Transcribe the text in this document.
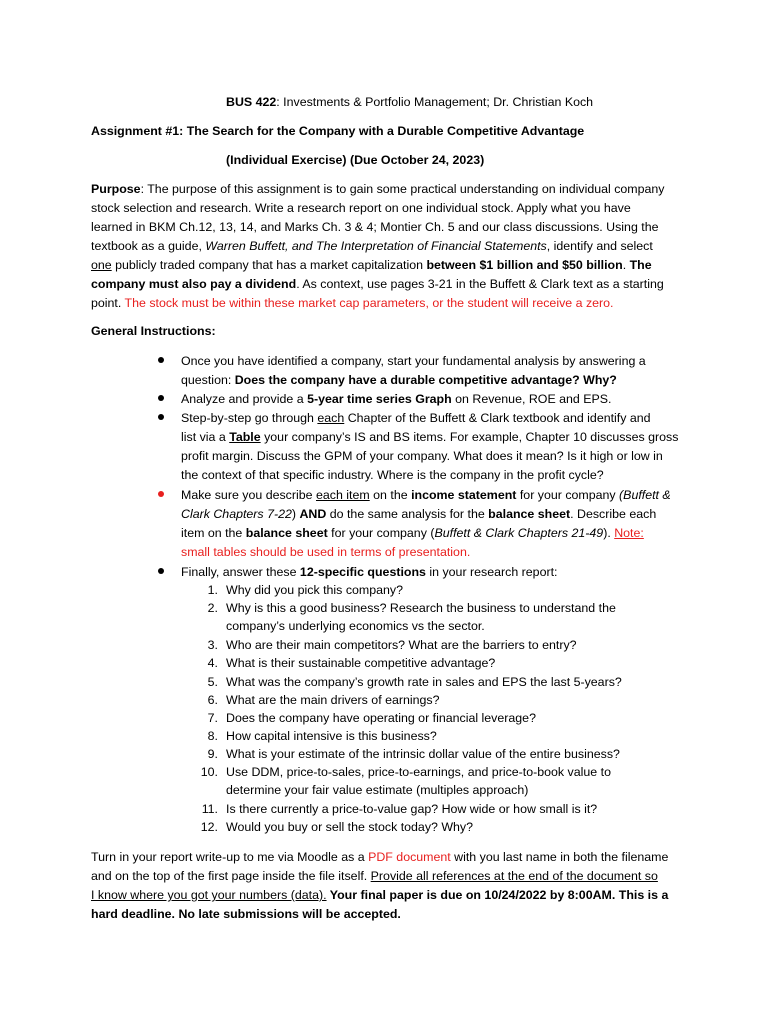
BUS 422: Investments & Portfolio Management; Dr. Christian Koch
Assignment #1: The Search for the Company with a Durable Competitive Advantage
(Individual Exercise) (Due October 24, 2023)
Purpose: The purpose of this assignment is to gain some practical understanding on individual company
stock selection and research. Write a research report on one individual stock. Apply what you have
learned in BKM Ch.12, 13, 14, and Marks Ch. 3 & 4; Montier Ch. 5 and our class discussions. Using the
textbook as a guide, Warren Buffett, and The Interpretation of Financial Statements, identify and select
one publicly traded company that has a market capitalization between $1 billion and $50 billion. The
company must also pay a dividend. As context, use pages 3-21 in the Buffett & Clark text as a starting
point. The stock must be within these market cap parameters, or the student will receive a zero.
General Instructions:
Once you have identified a company, start your fundamental analysis by answering a
question: Does the company have a durable competitive advantage? Why?
Analyze and provide a 5-year time series Graph on Revenue, ROE and EPS.
Step-by-step go through each Chapter of the Buffett & Clark textbook and identify and
list via a Table your company’s IS and BS items. For example, Chapter 10 discusses gross
profit margin. Discuss the GPM of your company. What does it mean? Is it high or low in
the context of that specific industry. Where is the company in the profit cycle?
Make sure you describe each item on the income statement for your company (Buffett &
Clark Chapters 7-22) AND do the same analysis for the balance sheet. Describe each
item on the balance sheet for your company (Buffett & Clark Chapters 21-49). Note:
small tables should be used in terms of presentation.
Finally, answer these 12-specific questions in your research report:
1. Why did you pick this company?
2. Why is this a good business? Research the business to understand the
company’s underlying economics vs the sector.
3. Who are their main competitors? What are the barriers to entry?
4. What is their sustainable competitive advantage?
5. What was the company’s growth rate in sales and EPS the last 5-years?
6. What are the main drivers of earnings?
7. Does the company have operating or financial leverage?
8. How capital intensive is this business?
9. What is your estimate of the intrinsic dollar value of the entire business?
10. Use DDM, price-to-sales, price-to-earnings, and price-to-book value to
determine your fair value estimate (multiples approach)
11. Is there currently a price-to-value gap? How wide or how small is it?
12. Would you buy or sell the stock today? Why?
Turn in your report write-up to me via Moodle as a PDF document with you last name in both the filename
and on the top of the first page inside the file itself. Provide all references at the end of the document so
I know where you got your numbers (data). Your final paper is due on 10/24/2022 by 8:00AM. This is a
hard deadline. No late submissions will be accepted.
